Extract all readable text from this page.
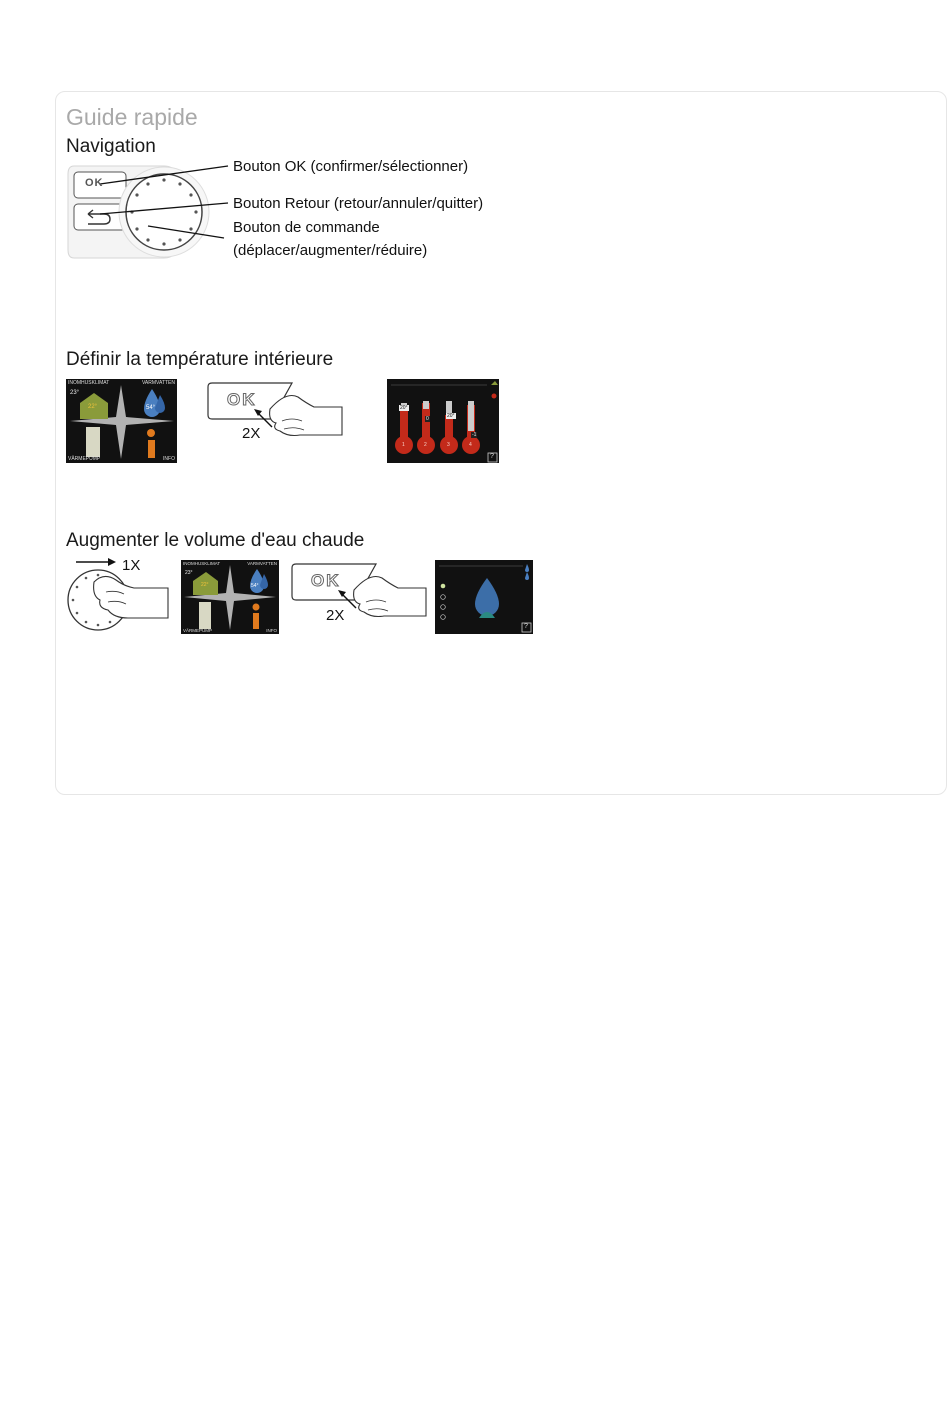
Guide rapide
Navigation
OK
Bouton OK (confirmer/sélectionner)
Bouton Retour (retour/annuler/quitter)
Bouton de commande
(déplacer/augmenter/réduire)
Définir la température intérieure
INOMHUSKLIMAT	VARMVATTEN
VÄRMEPUMP	INFO
23°
22°	54°	OK
2X
20°
0	20°
-1
1	2	3	4
?
Augmenter le volume d'eau chaude
1X	INOMHUSKLIMAT	VARMVATTEN
VÄRMEPUMP	INFO
23°
22°	54°	OK
2X
?
